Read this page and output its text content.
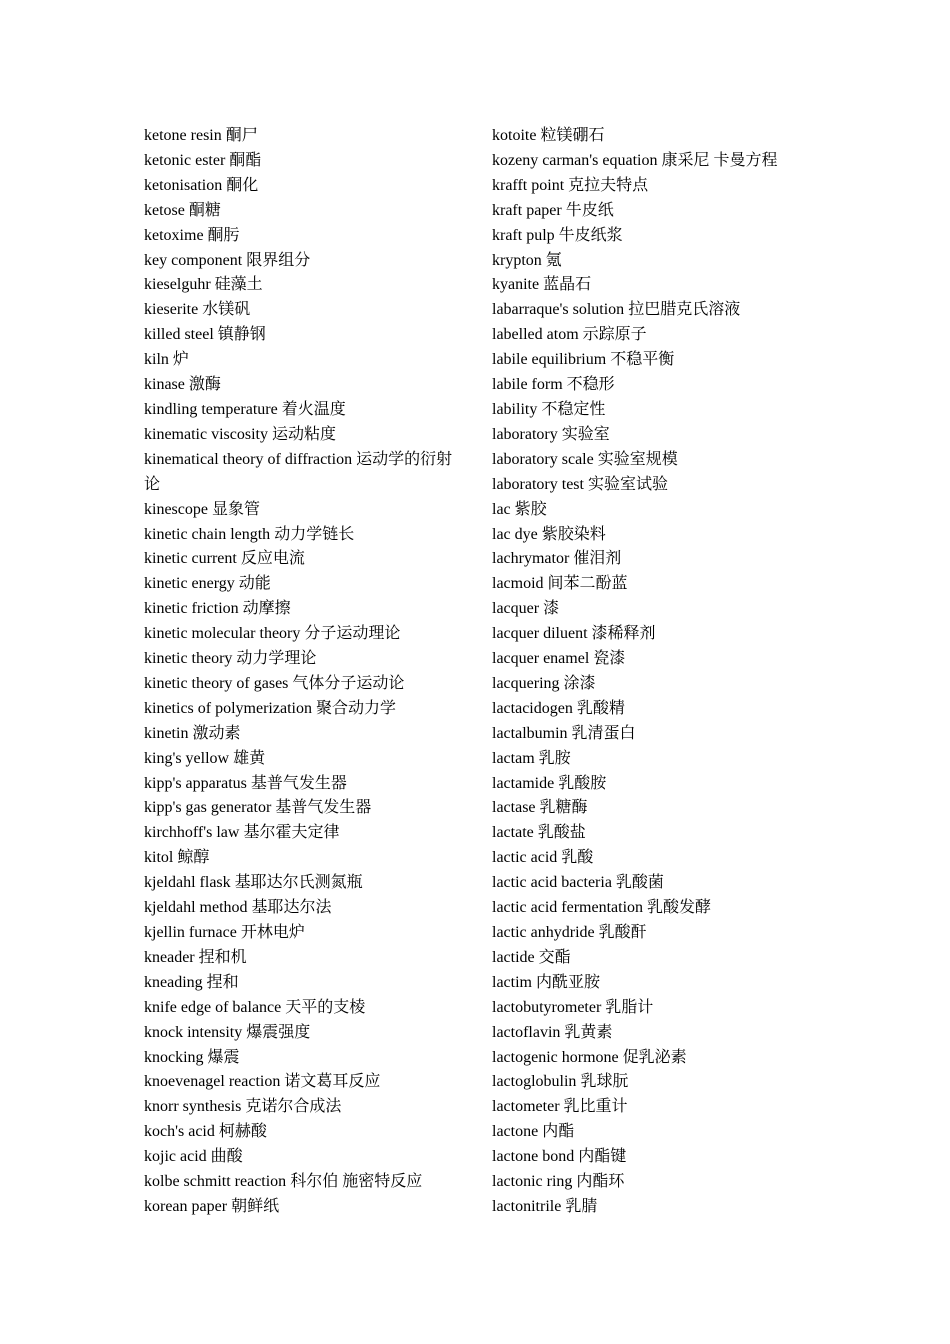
ketone resin 酮尸
ketonic ester 酮酯
ketonisation 酮化
ketose 酮糖
ketoxime 酮肟
key component 限界组分
kieselguhr 硅藻土
kieserite 水镁矾
killed steel 镇静钢
kiln 炉
kinase 激酶
kindling temperature 着火温度
kinematic viscosity 运动粘度
kinematical theory of diffraction 运动学的衍射论
kinescope 显象管
kinetic chain length 动力学链长
kinetic current 反应电流
kinetic energy 动能
kinetic friction 动摩擦
kinetic molecular theory 分子运动理论
kinetic theory 动力学理论
kinetic theory of gases 气体分子运动论
kinetics of polymerization 聚合动力学
kinetin 激动素
king's yellow 雄黄
kipp's apparatus 基普气发生器
kipp's gas generator 基普气发生器
kirchhoff's law 基尔霍夫定律
kitol 鲸醇
kjeldahl flask 基耶达尔氏测氮瓶
kjeldahl method 基耶达尔法
kjellin furnace 开林电炉
kneader 捏和机
kneading 捏和
knife edge of balance 天平的支棱
knock intensity 爆震强度
knocking 爆震
knoevenagel reaction 诺文葛耳反应
knorr synthesis 克诺尔合成法
koch's acid 柯赫酸
kojic acid 曲酸
kolbe schmitt reaction 科尔伯 施密特反应
korean paper 朝鲜纸
kotoite 粒镁硼石
kozeny carman's equation 康采尼 卡曼方程
krafft point 克拉夫特点
kraft paper 牛皮纸
kraft pulp 牛皮纸浆
krypton 氪
kyanite 蓝晶石
labarraque's solution 拉巴腊克氏溶液
labelled atom 示踪原子
labile equilibrium 不稳平衡
labile form 不稳形
lability 不稳定性
laboratory 实验室
laboratory scale 实验室规模
laboratory test 实验室试验
lac 紫胶
lac dye 紫胶染料
lachrymator 催泪剂
lacmoid 间苯二酚蓝
lacquer 漆
lacquer diluent 漆稀释剂
lacquer enamel 瓷漆
lacquering 涂漆
lactacidogen 乳酸精
lactalbumin 乳清蛋白
lactam 乳胺
lactamide 乳酸胺
lactase 乳糖酶
lactate 乳酸盐
lactic acid 乳酸
lactic acid bacteria 乳酸菌
lactic acid fermentation 乳酸发酵
lactic anhydride 乳酸酐
lactide 交酯
lactim 内酰亚胺
lactobutyrometer 乳脂计
lactoflavin 乳黄素
lactogenic hormone 促乳泌素
lactoglobulin 乳球朊
lactometer 乳比重计
lactone 内酯
lactone bond 内酯键
lactonic ring 内酯环
lactonitrile 乳腈
